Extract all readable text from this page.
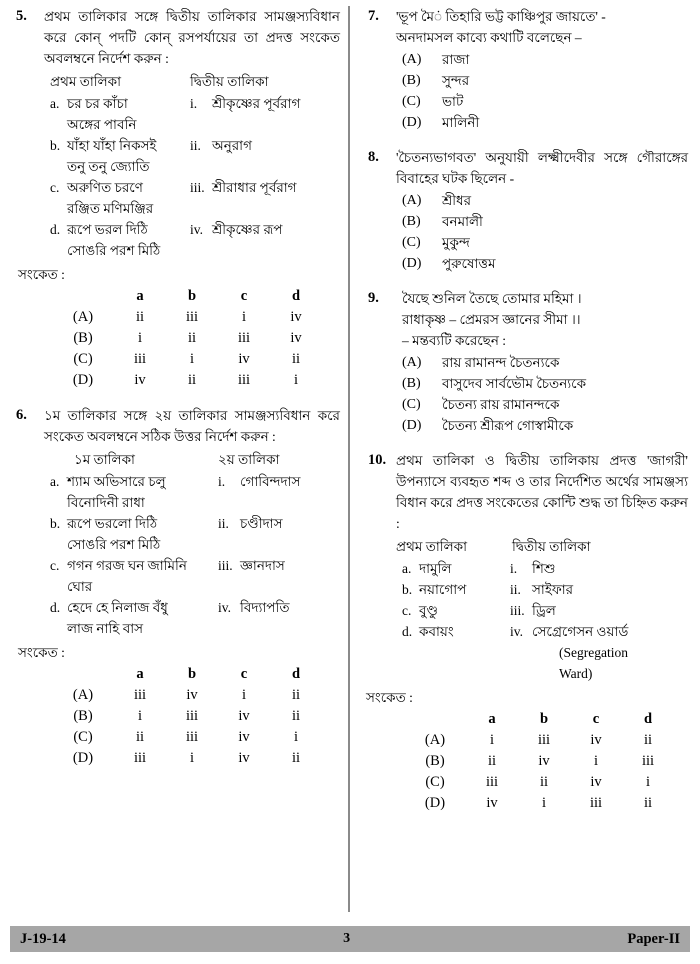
5.	প্রথম তালিকার সঙ্গে দ্বিতীয় তালিকার সামঞ্জস্যবিধান করে কোন্ পদটি কোন্ রসপর্যায়ের তা প্রদত্ত সংকেত অবলম্বনে নির্দেশ করুন :

প্রথম তালিকা	দ্বিতীয় তালিকা
a. চর চর কাঁচা	i.	শ্রীকৃষ্ণের পূর্বরাগ
অঙ্গের পাবনি
b. যাঁহা যাঁহা নিকসই	ii. অনুরাগ
তনু তনু জ্যোতি
c. অরুণিত চরণে	iii. শ্রীরাধার পূর্বরাগ
রঞ্জিত মণিমঞ্জির
d. রূপে ভরল দিঠি	iv. শ্রীকৃষ্ণের রূপ
সোঙরি পরশ মিঠি
সংকেত :
a	b	c	d
(A)	ii	iii	i	iv
(B)	i	ii	iii	iv
(C)	iii	i	iv	ii
(D)	iv	ii	iii	i
6.	১ম তালিকার সঙ্গে ২য় তালিকার সামঞ্জস্যবিধান করে সংকেত অবলম্বনে সঠিক উত্তর নির্দেশ করুন :

১ম তালিকা	২য় তালিকা
a. শ্যাম অভিসারে চলু	i.	গোবিন্দদাস
বিনোদিনী রাধা
b. রূপে ভরলো দিঠি	ii. চণ্ডীদাস
সোঙরি পরশ মিঠি
c. গগন গরজ ঘন জামিনি	iii. জ্ঞানদাস
ঘোর
d. হেদে হে নিলাজ বঁধু	iv. বিদ্যাপতি
লাজ নাহি বাস
সংকেত :
a	b	c	d
(A)	iii	iv	i	ii
(B)	i	iii	iv	ii
(C)	ii	iii	iv	i
(D)	iii	i	iv	ii
7.	'ভূপ মৈं তিহারি ভট্ট কাঞ্চিপুর জায়তে' -

অনদামসল কাব্যে কথাটি বলেছেন –

(A)	রাজা
(B)	সুন্দর
(C)	ভাট
(D)	মালিনী
8.	'চৈতন্যভাগবত' অনুযায়ী লক্ষ্মীদেবীর সঙ্গে গৌরাঙ্গের বিবাহের ঘটক ছিলেন -

(A)	শ্রীধর
(B)	বনমালী
(C)	মুকুন্দ
(D)	পুরুষোত্তম
9.	যৈছে শুনিল তৈছে তোমার মহিমা ।

রাধাকৃষ্ণ – প্রেমরস জ্ঞানের সীমা ।।

– মন্তব্যটি করেছেন :

(A)	রায় রামানন্দ চৈতন্যকে
(B)	বাসুদেব সার্বভৌম চৈতন্যকে
(C)	চৈতন্য রায় রামানন্দকে
(D)	চৈতন্য শ্রীরূপ গোস্বামীকে
10. প্রথম তালিকা ও দ্বিতীয় তালিকায় প্রদত্ত 'জাগরী' উপন্যাসে ব্যবহৃত শব্দ ও তার নির্দেশিত অর্থের সামঞ্জস্য বিধান করে প্রদত্ত সংকেতের কোন্টি শুদ্ধ তা চিহ্নিত করুন :

প্রথম তালিকা	দ্বিতীয় তালিকা
a. দামুলি	i.	শিশু
b. নয়াগোপ	ii. সাইফার
c. বুণ্ডু	iii. ড্রিল
d. কবায়ং	iv. সেগ্রেগেসন ওয়ার্ড
(Segregation
Ward)
সংকেত :
a	b	c	d
(A)	i	iii	iv	ii
(B)	ii	iv	i	iii
(C)	iii	ii	iv	i
(D)	iv	i	iii	ii
J-19-14	3	Paper-II
